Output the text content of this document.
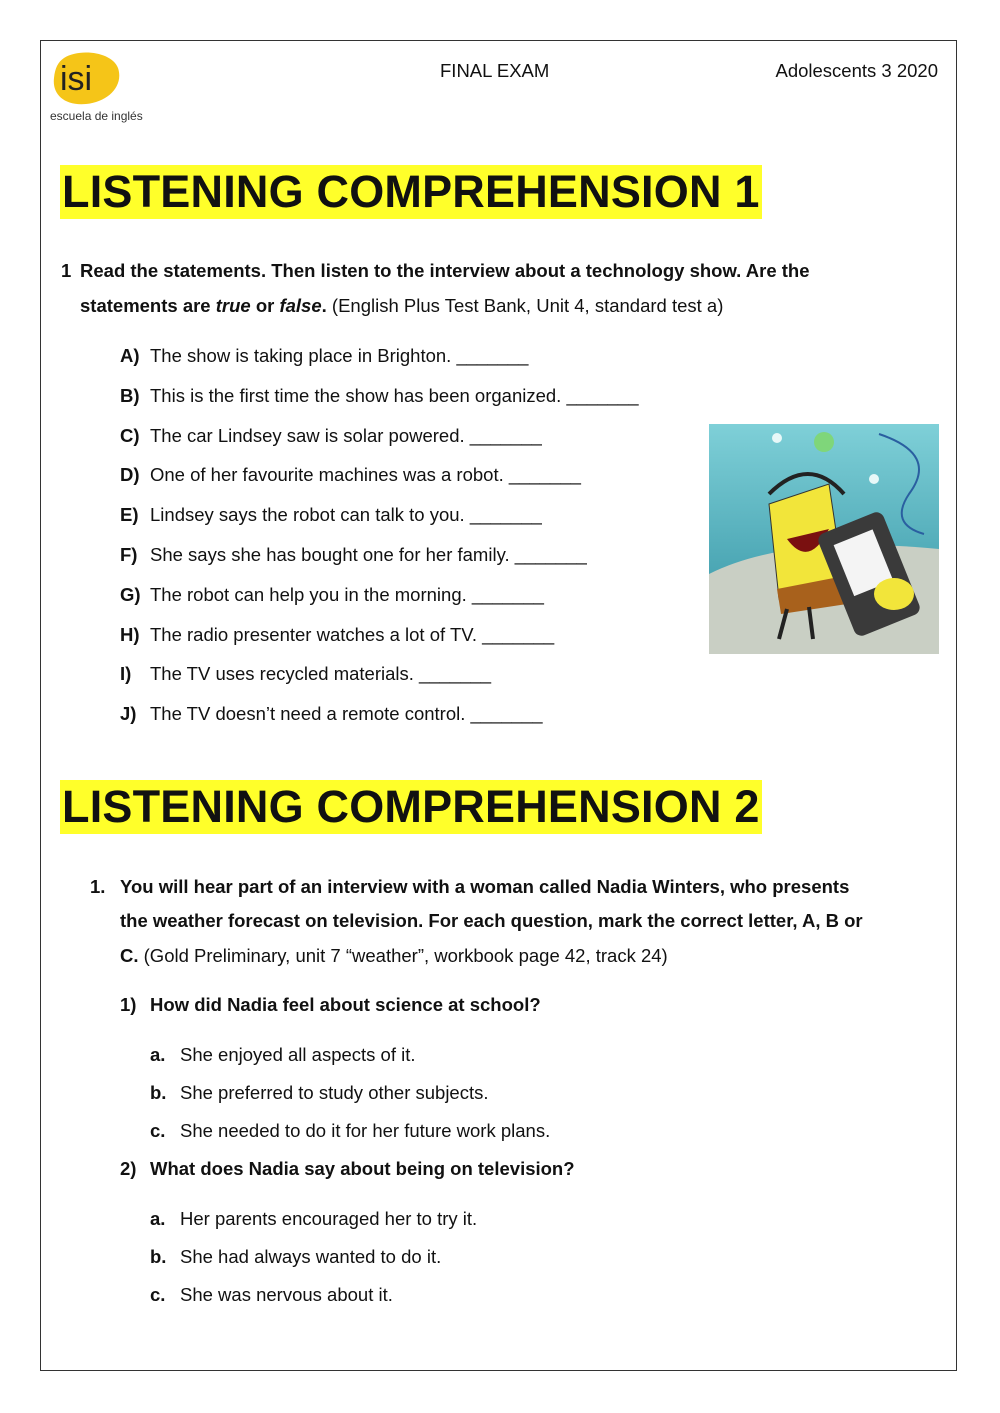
isi
escuela de inglés
FINAL EXAM	Adolescents 3 2020
LISTENING COMPREHENSION 1
1 Read the statements. Then listen to the interview about a technology show. Are the
statements are true or false. (English Plus Test Bank, Unit 4, standard test a)
A) The show is taking place in Brighton. _______
B) This is the first time the show has been organized. _______
C) The car Lindsey saw is solar powered. _______
D) One of her favourite machines was a robot. _______
E) Lindsey says the robot can talk to you. _______
F) She says she has bought one for her family. _______
G) The robot can help you in the morning. _______
H) The radio presenter watches a lot of TV. _______
I) The TV uses recycled materials. _______
J) The TV doesn’t need a remote control. _______
LISTENING COMPREHENSION 2
1. You will hear part of an interview with a woman called Nadia Winters, who presents
the weather forecast on television. For each question, mark the correct letter, A, B or
C. (Gold Preliminary, unit 7 “weather”, workbook page 42, track 24)
1) How did Nadia feel about science at school?
a. She enjoyed all aspects of it.
b. She preferred to study other subjects.
c. She needed to do it for her future work plans.
2) What does Nadia say about being on television?
a. Her parents encouraged her to try it.
b. She had always wanted to do it.
c. She was nervous about it.
